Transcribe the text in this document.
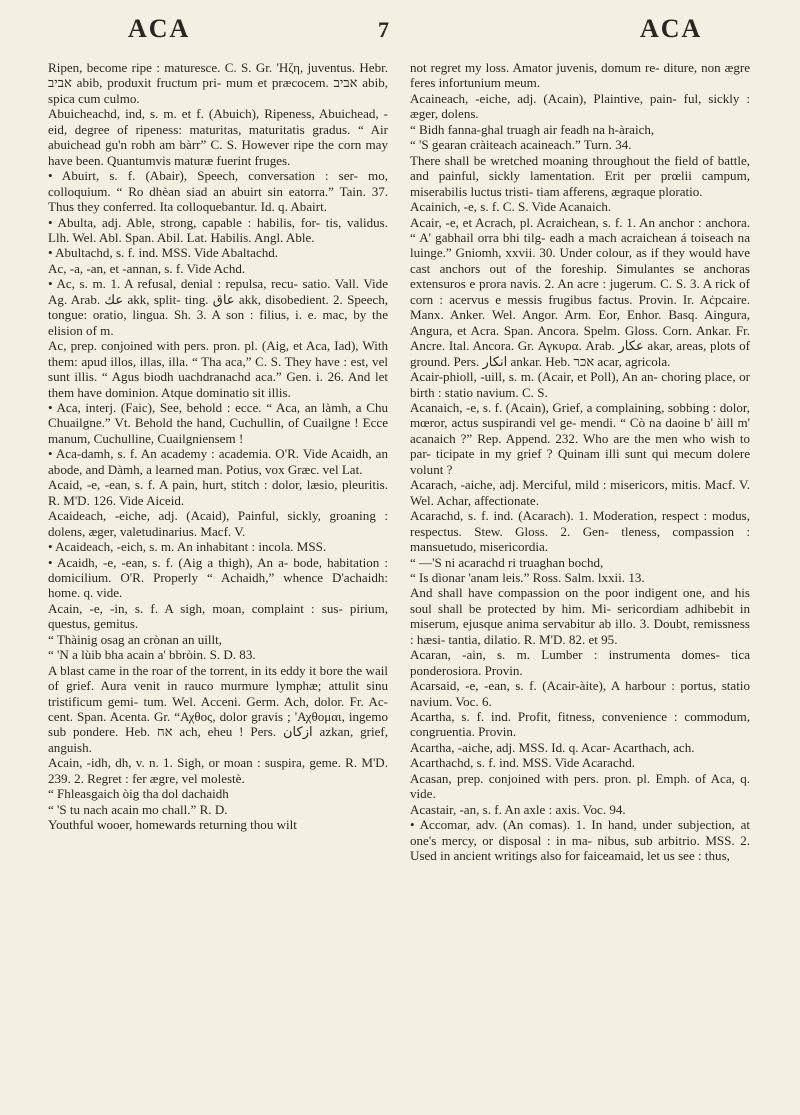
ACA	7	ACA

Ripen, become ripe : maturesce. C. S. Gr. 'Hζη, juventus. Hebr. אביב abib, produxit fructum pri- mum et præcocem. אביב abib, spica cum culmo.

Abuicheachd, ind, s. m. et f. (Abuich), Ripeness, Abuichead, -eid, degree of ripeness: maturitas, maturitatis gradus. “ Air abuichead gu'n robh am bàrr” C. S. However ripe the corn may have been. Quantumvis maturæ fuerint fruges.

• Abuirt, s. f. (Abair), Speech, conversation : ser- mo, colloquium. “ Ro dhèan siad an abuirt sin eatorra.” Tain. 37. Thus they conferred. Ita colloquebantur. Id. q. Abairt.

• Abulta, adj. Able, strong, capable : habilis, for- tis, validus. Llh. Wel. Abl. Span. Abil. Lat. Habilis. Angl. Able.

• Abultachd, s. f. ind. MSS. Vide Abaltachd.

Ac, -a, -an, et -annan, s. f. Vide Achd.

• Ac, s. m. 1. A refusal, denial : repulsa, recu- satio. Vall. Vide Ag. Arab. عك akk, split- ting. عاق akk, disobedient. 2. Speech, tongue: oratio, lingua. Sh. 3. A son : filius, i. e. mac, by the elision of m.

Ac, prep. conjoined with pers. pron. pl. (Aig, et Aca, Iad), With them: apud illos, illas, illa. “ Tha aca,” C. S. They have : est, vel sunt illis. “ Agus biodh uachdranachd aca.” Gen. i. 26. And let them have dominion. Atque dominatio sit illis.

• Aca, interj. (Faic), See, behold : ecce. “ Aca, an làmh, a Chu Chuailgne.” Vt. Behold the hand, Cuchullin, of Cuailgne ! Ecce manum, Cuchulline, Cuailgniensem !

• Aca-damh, s. f. An academy : academia. O'R. Vide Acaidh, an abode, and Dàmh, a learned man. Potius, vox Græc. vel Lat.

Acaid, -e, -ean, s. f. A pain, hurt, stitch : dolor, læsio, pleuritis. R. M'D. 126. Vide Aiceid.

Acaideach, -eiche, adj. (Acaid), Painful, sickly, groaning : dolens, æger, valetudinarius. Macf. V.

• Acaideach, -eich, s. m. An inhabitant : incola. MSS.

• Acaidh, -e, -ean, s. f. (Aig a thigh), An a- bode, habitation : domicilium. O'R. Properly “ Achaidh,” whence D'achaidh: home. q. vide.

Acain, -e, -in, s. f. A sigh, moan, complaint : sus- pirium, questus, gemitus.

“ Thàinig osag an crònan an uillt,

“ 'N a lùib bha acain a' bbròin. S. D. 83.

A blast came in the roar of the torrent, in its eddy it bore the wail of grief. Aura venit in rauco murmure lymphæ; attulit sinu tristificum gemi- tum. Wel. Acceni. Germ. Ach, dolor. Fr. Ac- cent. Span. Acenta. Gr. “Αχθος, dolor gravis ; 'Αχθομαι, ingemo sub pondere. Heb. אח ach, eheu ! Pers. ازکان azkan, grief, anguish.

Acain, -idh, dh, v. n. 1. Sigh, or moan : suspira, geme. R. M'D. 239. 2. Regret : fer ægre, vel molestè.

“ Fhleasgaich òig tha dol dachaidh

“ 'S tu nach acain mo chall.” R. D.

Youthful wooer, homewards returning thou wilt

not regret my loss. Amator juvenis, domum re- diture, non ægre feres infortunium meum.

Acaineach, -eiche, adj. (Acain), Plaintive, pain- ful, sickly : æger, dolens.

“ Bidh fanna-ghal truagh air feadh na h-àraich,

“ 'S gearan cràiteach acaineach.” Turn. 34.

There shall be wretched moaning throughout the field of battle, and painful, sickly lamentation. Erit per prœlii campum, miserabilis luctus tristi- tiam afferens, ægraque ploratio.

Acainich, -e, s. f. C. S. Vide Acanaich.

Acair, -e, et Acrach, pl. Acraichean, s. f. 1. An anchor : anchora. “ A' gabhail orra bhi tilg- eadh a mach acraichean á toiseach na luinge.” Gniomh, xxvii. 30. Under colour, as if they would have cast anchors out of the foreship. Simulantes se anchoras extensuros e prora navis. 2. An acre : jugerum. C. S. 3. A rick of corn : acervus e messis frugibus factus. Provin. Ir. Aċpcaire. Manx. Anker. Wel. Angor. Arm. Eor, Enhor. Basq. Aingura, Angura, et Acra. Span. Ancora. Spelm. Gloss. Corn. Ankar. Fr. Ancre. Ital. Ancora. Gr. Αγκυρα. Arab. عكار akar, areas, plots of ground. Pers. انکار ankar. Heb. אכר acar, agricola.

Acair-phioll, -uill, s. m. (Acair, et Poll), An an- choring place, or birth : statio navium. C. S.

Acanaich, -e, s. f. (Acain), Grief, a complaining, sobbing : dolor, mœror, actus suspirandi vel ge- mendi. “ Cò na daoine b' àill m' acanaich ?” Rep. Append. 232. Who are the men who wish to par- ticipate in my grief ? Quinam illi sunt qui mecum dolere volunt ?

Acarach, -aiche, adj. Merciful, mild : misericors, mitis. Macf. V. Wel. Achar, affectionate.

Acarachd, s. f. ind. (Acarach). 1. Moderation, respect : modus, respectus. Stew. Gloss. 2. Gen- tleness, compassion : mansuetudo, misericordia.

“ —'S ni acarachd ri truaghan bochd,

“ Is dìonar 'anam leis.” Ross. Salm. lxxii. 13.

And shall have compassion on the poor indigent one, and his soul shall be protected by him. Mi- sericordiam adhibebit in miserum, ejusque anima servabitur ab illo. 3. Doubt, remissness : hæsi- tantia, dilatio. R. M'D. 82. et 95.

Acaran, -ain, s. m. Lumber : instrumenta domes- tica ponderosiora. Provin.

Acarsaid, -e, -ean, s. f. (Acair-àite), A harbour : portus, statio navium. Voc. 6.

Acartha, s. f. ind. Profit, fitness, convenience : commodum, congruentia. Provin.

Acartha, -aiche, adj. MSS. Id. q. Acar- Acarthach, ach.

Acarthachd, s. f. ind. MSS. Vide Acarachd.

Acasan, prep. conjoined with pers. pron. pl. Emph. of Aca, q. vide.

Acastair, -an, s. f. An axle : axis. Voc. 94.

• Accomar, adv. (An comas). 1. In hand, under subjection, at one's mercy, or disposal : in ma- nibus, sub arbitrio. MSS. 2. Used in ancient writings also for faiceamaid, let us see : thus,
